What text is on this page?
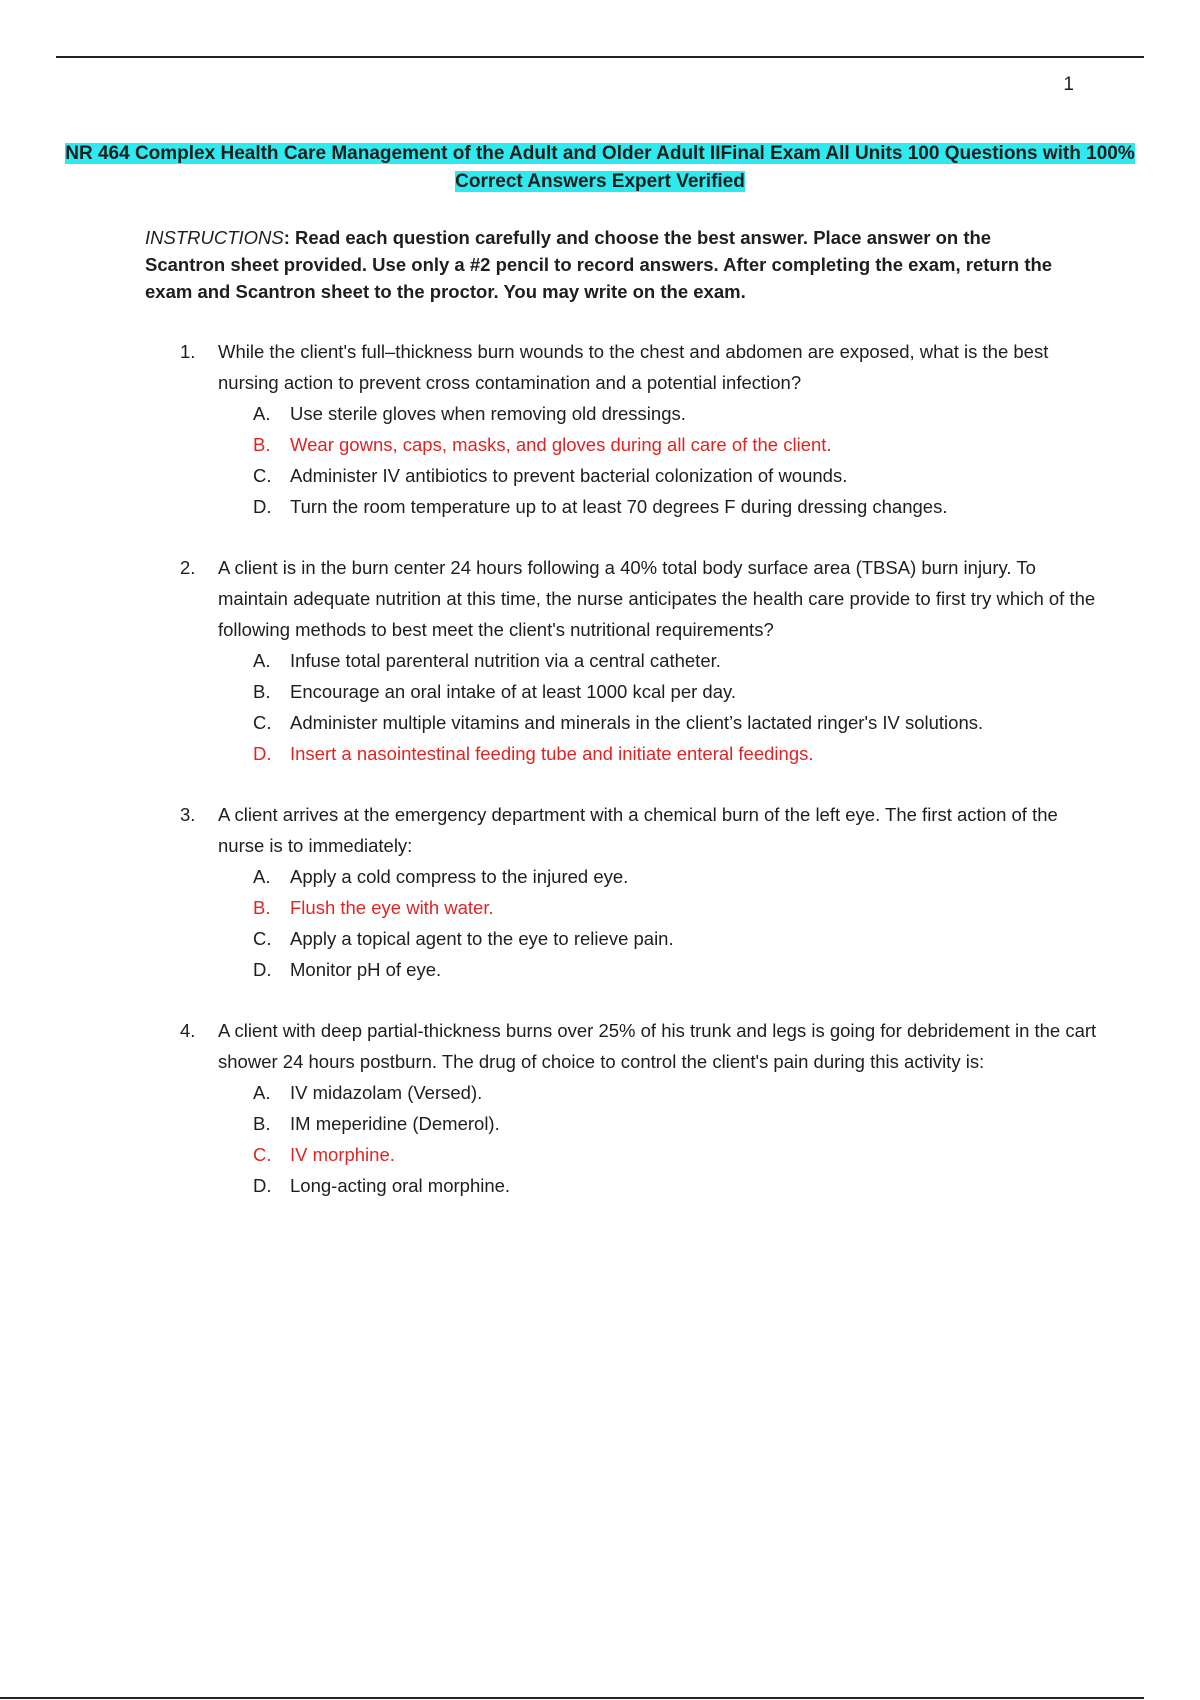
1
NR 464 Complex Health Care Management of the Adult and Older Adult IIFinal Exam All Units 100 Questions with 100% Correct Answers Expert Verified
INSTRUCTIONS: Read each question carefully and choose the best answer. Place answer on the Scantron sheet provided. Use only a #2 pencil to record answers. After completing the exam, return the exam and Scantron sheet to the proctor. You may write on the exam.
1.	While the client's full–thickness burn wounds to the chest and abdomen are exposed, what is the best nursing action to prevent cross contamination and a potential infection?
A.	Use sterile gloves when removing old dressings.
B.	Wear gowns, caps, masks, and gloves during all care of the client.
C.	Administer IV antibiotics to prevent bacterial colonization of wounds.
D.	Turn the room temperature up to at least 70 degrees F during dressing changes.
2.	A client is in the burn center 24 hours following a 40% total body surface area (TBSA) burn injury. To maintain adequate nutrition at this time, the nurse anticipates the health care provide to first try which of the following methods to best meet the client's nutritional requirements?
A.	Infuse total parenteral nutrition via a central catheter.
B.	Encourage an oral intake of at least 1000 kcal per day.
C.	Administer multiple vitamins and minerals in the client’s lactated ringer's IV solutions.
D.	Insert a nasointestinal feeding tube and initiate enteral feedings.
3.	A client arrives at the emergency department with a chemical burn of the left eye. The first action of the nurse is to immediately:
A.	Apply a cold compress to the injured eye.
B.	Flush the eye with water.
C.	Apply a topical agent to the eye to relieve pain.
D.	Monitor pH of eye.
4.	A client with deep partial-thickness burns over 25% of his trunk and legs is going for debridement in the cart shower 24 hours postburn. The drug of choice to control the client's pain during this activity is:
A.	IV midazolam (Versed).
B.	IM meperidine (Demerol).
C.	IV morphine.
D.	Long-acting oral morphine.
